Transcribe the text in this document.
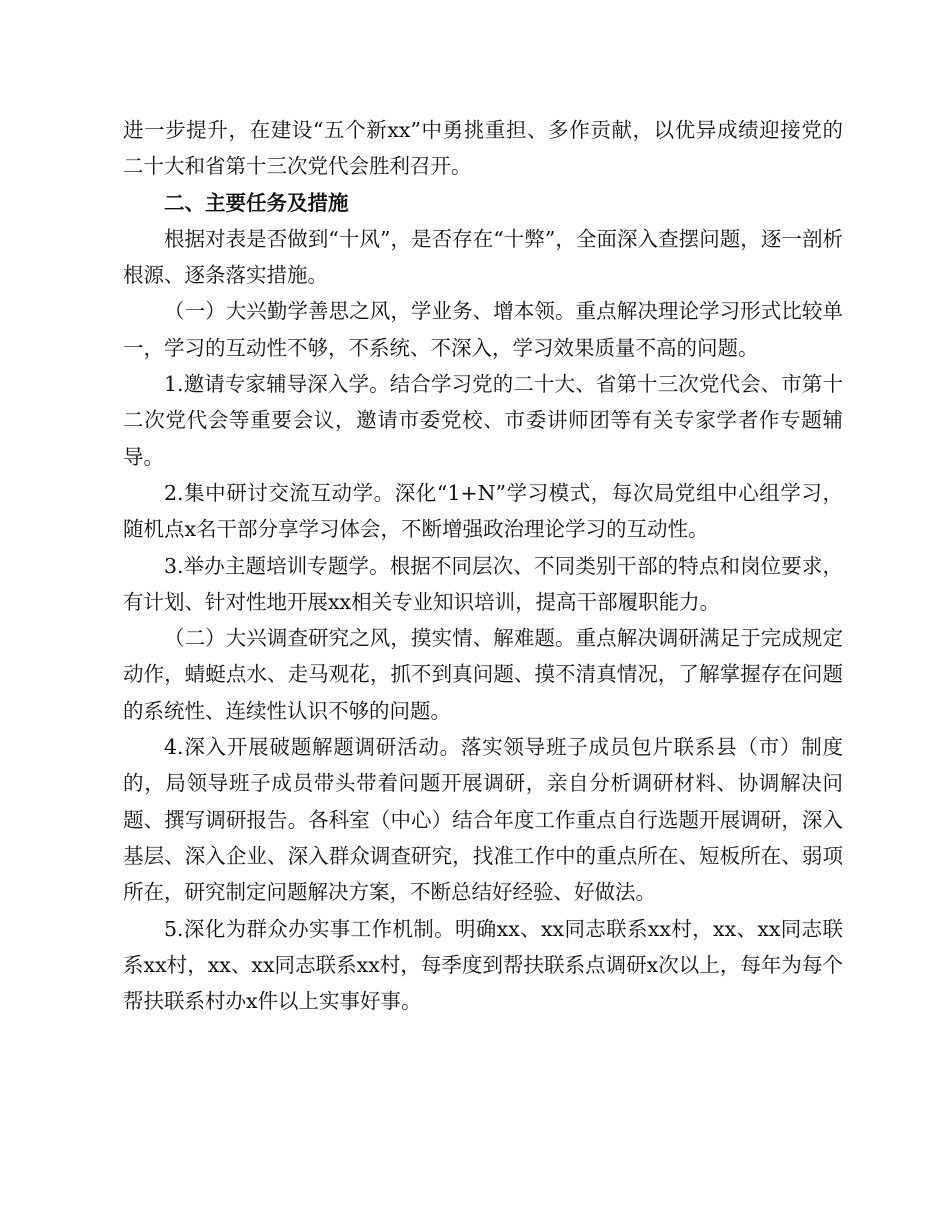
进一步提升，在建设“五个新xx”中勇挑重担、多作贡献，以优异成绩迎接党的二十大和省第十三次党代会胜利召开。

二、主要任务及措施

根据对表是否做到“十风”，是否存在“十弊”，全面深入查摆问题，逐一剖析根源、逐条落实措施。

（一）大兴勤学善思之风，学业务、增本领。重点解决理论学习形式比较单一，学习的互动性不够，不系统、不深入，学习效果质量不高的问题。

1.邀请专家辅导深入学。结合学习党的二十大、省第十三次党代会、市第十二次党代会等重要会议，邀请市委党校、市委讲师团等有关专家学者作专题辅导。

2.集中研讨交流互动学。深化“1+N”学习模式，每次局党组中心组学习，随机点x名干部分享学习体会，不断增强政治理论学习的互动性。

3.举办主题培训专题学。根据不同层次、不同类别干部的特点和岗位要求，有计划、针对性地开展xx相关专业知识培训，提高干部履职能力。

（二）大兴调查研究之风，摸实情、解难题。重点解决调研满足于完成规定动作，蜻蜓点水、走马观花，抓不到真问题、摸不清真情况，了解掌握存在问题的系统性、连续性认识不够的问题。

4.深入开展破题解题调研活动。落实领导班子成员包片联系县（市）制度的，局领导班子成员带头带着问题开展调研，亲自分析调研材料、协调解决问题、撰写调研报告。各科室（中心）结合年度工作重点自行选题开展调研，深入基层、深入企业、深入群众调查研究，找准工作中的重点所在、短板所在、弱项所在，研究制定问题解决方案，不断总结好经验、好做法。

5.深化为群众办实事工作机制。明确xx、xx同志联系xx村，xx、xx同志联系xx村，xx、xx同志联系xx村，每季度到帮扶联系点调研x次以上，每年为每个帮扶联系村办x件以上实事好事。
